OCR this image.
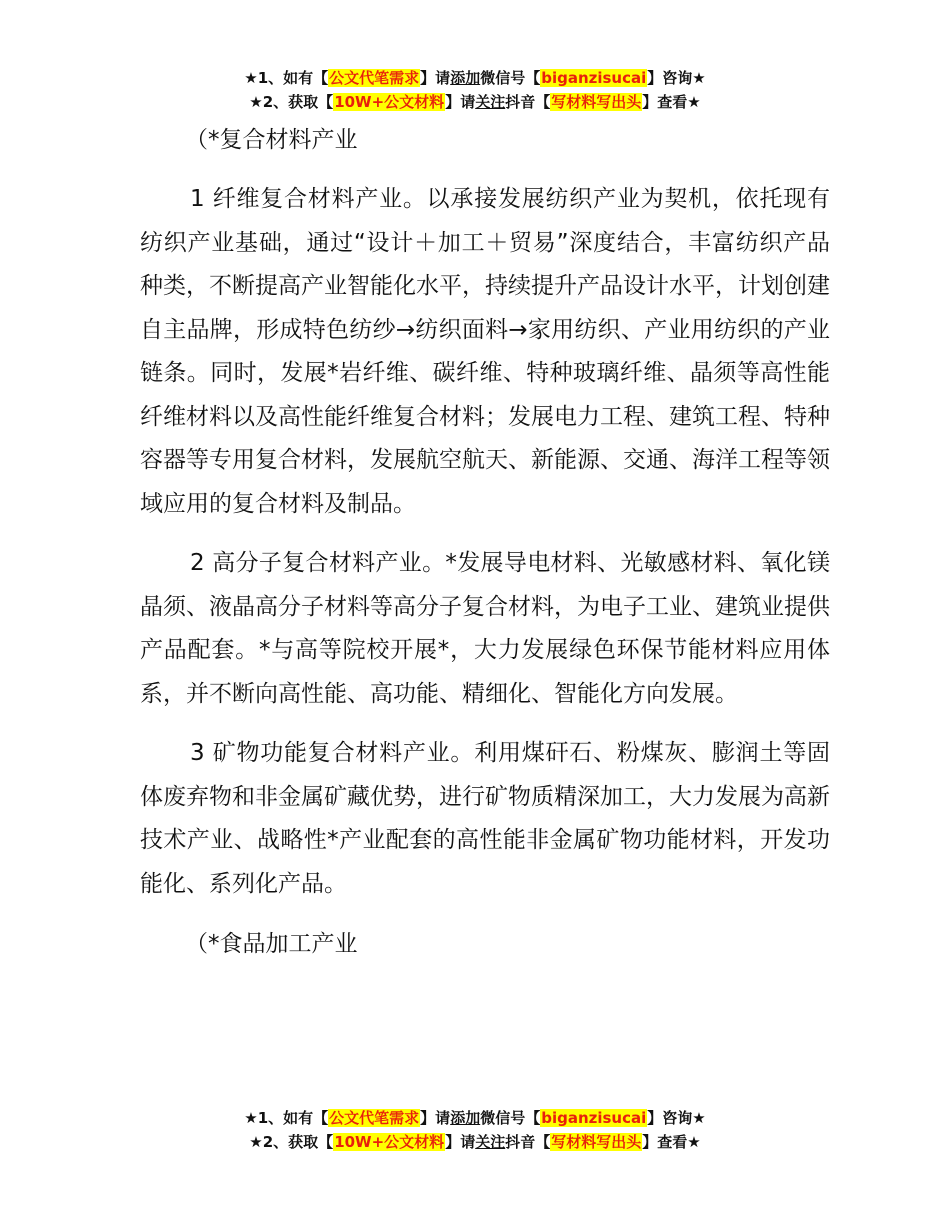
★1、如有【公文代笔需求】请添加微信号【biganzisucai】咨询★
★2、获取【10W+公文材料】请关注抖音【写材料写出头】查看★

（*复合材料产业

1 纤维复合材料产业。以承接发展纺织产业为契机，依托现有纺织产业基础，通过“设计＋加工＋贸易”深度结合，丰富纺织产品种类，不断提高产业智能化水平，持续提升产品设计水平，计划创建自主品牌，形成特色纺纱→纺织面料→家用纺织、产业用纺织的产业链条。同时，发展*岩纤维、碳纤维、特种玻璃纤维、晶须等高性能纤维材料以及高性能纤维复合材料；发展电力工程、建筑工程、特种容器等专用复合材料，发展航空航天、新能源、交通、海洋工程等领域应用的复合材料及制品。

2 高分子复合材料产业。*发展导电材料、光敏感材料、氧化镁晶须、液晶高分子材料等高分子复合材料，为电子工业、建筑业提供产品配套。*与高等院校开展*，大力发展绿色环保节能材料应用体系，并不断向高性能、高功能、精细化、智能化方向发展。

3 矿物功能复合材料产业。利用煤矸石、粉煤灰、膨润土等固体废弃物和非金属矿藏优势，进行矿物质精深加工，大力发展为高新技术产业、战略性*产业配套的高性能非金属矿物功能材料，开发功能化、系列化产品。

（*食品加工产业

★1、如有【公文代笔需求】请添加微信号【biganzisucai】咨询★
★2、获取【10W+公文材料】请关注抖音【写材料写出头】查看★
